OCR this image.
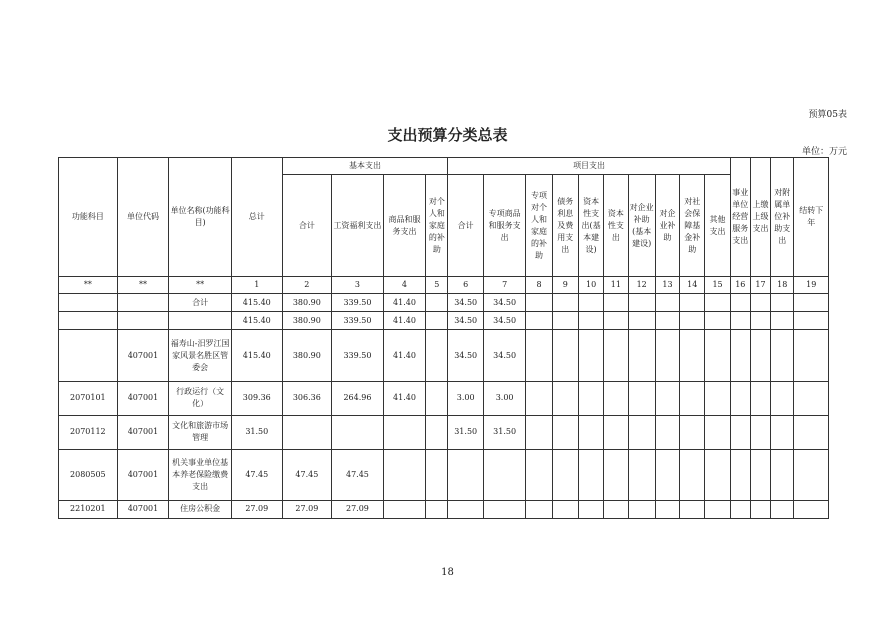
预算05表
支出预算分类总表
单位：万元
功能科目	单位代码	单位名称(功能科目)	总计	基本支出				项目支出										事业单位经营服务支出	上缴上级支出	对附属单位补助支出	结转下年
				合计	工资福利支出	商品和服务支出	对个人和家庭的补助	合计	专项商品和服务支出	专项对个人和家庭的补助	债务利息及费用支出	资本性支出(基本建设)	资本性支出	对企业补助(基本建设)	对企业补助	对社会保障基金补助	其他支出				
**	**	**	1	2	3	4	5	6	7	8	9	10	11	12	13	14	15	16	17	18	19
		合计	415.40	380.90	339.50	41.40		34.50	34.50												
			415.40	380.90	339.50	41.40		34.50	34.50												
	407001	福寿山-汨罗江国家风景名胜区管委会	415.40	380.90	339.50	41.40		34.50	34.50												
2070101	407001	行政运行（文化）	309.36	306.36	264.96	41.40		3.00	3.00												
2070112	407001	文化和旅游市场管理	31.50					31.50	31.50												
2080505	407001	机关事业单位基本养老保险缴费支出	47.45	47.45	47.45																
2210201	407001	住房公积金	27.09	27.09	27.09																
18
